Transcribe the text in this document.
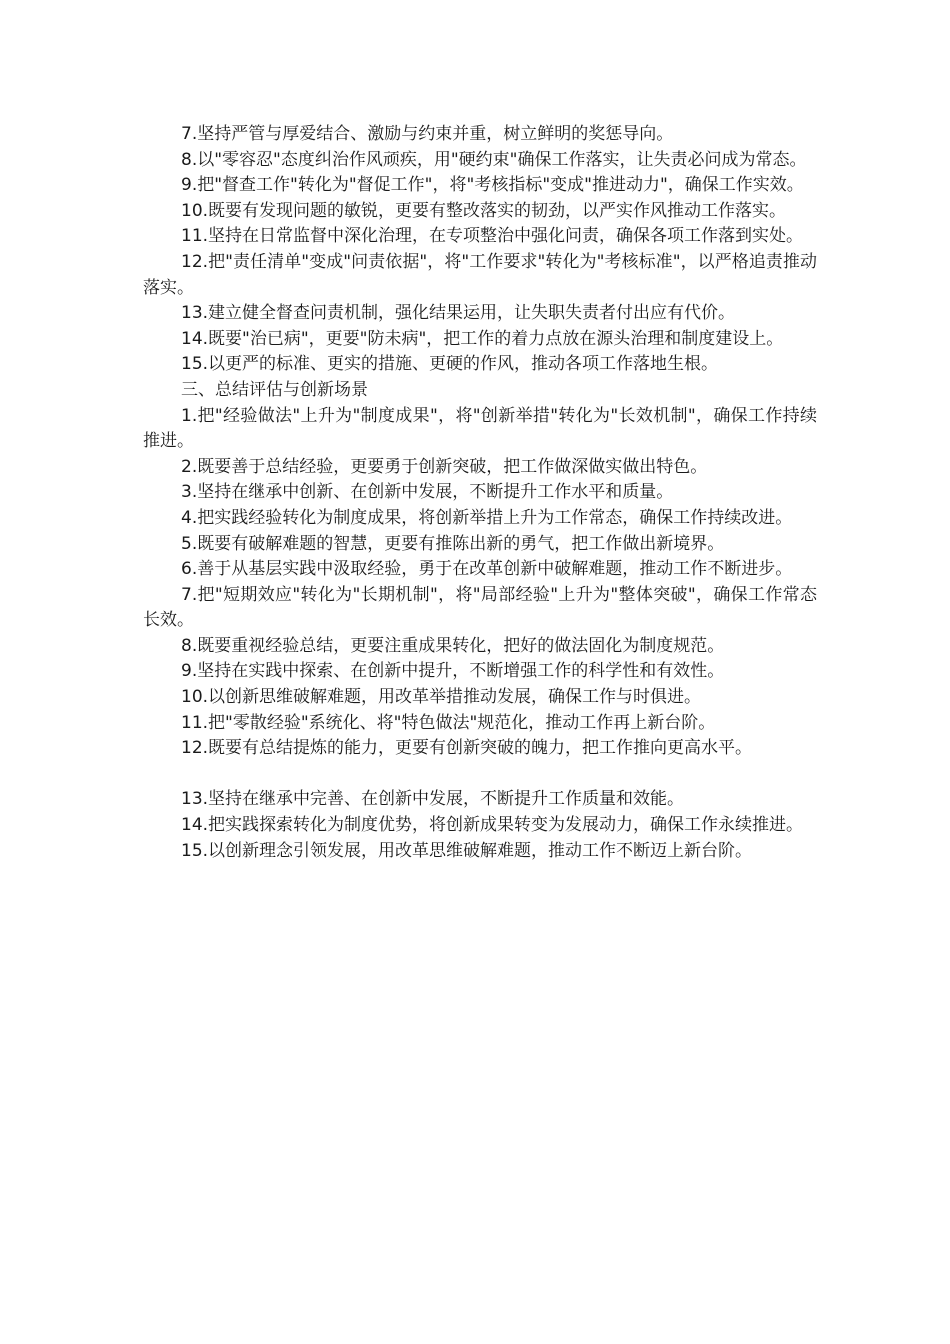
7.坚持严管与厚爱结合、激励与约束并重，树立鲜明的奖惩导向。

8.以"零容忍"态度纠治作风顽疾，用"硬约束"确保工作落实，让失责必问成为常态。

9.把"督查工作"转化为"督促工作"，将"考核指标"变成"推进动力"，确保工作实效。

10.既要有发现问题的敏锐，更要有整改落实的韧劲，以严实作风推动工作落实。

11.坚持在日常监督中深化治理，在专项整治中强化问责，确保各项工作落到实处。

12.把"责任清单"变成"问责依据"，将"工作要求"转化为"考核标准"，以严格追责推动落实。

13.建立健全督查问责机制，强化结果运用，让失职失责者付出应有代价。

14.既要"治已病"，更要"防未病"，把工作的着力点放在源头治理和制度建设上。

15.以更严的标准、更实的措施、更硬的作风，推动各项工作落地生根。

三、总结评估与创新场景

1.把"经验做法"上升为"制度成果"，将"创新举措"转化为"长效机制"，确保工作持续推进。

2.既要善于总结经验，更要勇于创新突破，把工作做深做实做出特色。

3.坚持在继承中创新、在创新中发展，不断提升工作水平和质量。

4.把实践经验转化为制度成果，将创新举措上升为工作常态，确保工作持续改进。

5.既要有破解难题的智慧，更要有推陈出新的勇气，把工作做出新境界。

6.善于从基层实践中汲取经验，勇于在改革创新中破解难题，推动工作不断进步。

7.把"短期效应"转化为"长期机制"，将"局部经验"上升为"整体突破"，确保工作常态长效。

8.既要重视经验总结，更要注重成果转化，把好的做法固化为制度规范。

9.坚持在实践中探索、在创新中提升，不断增强工作的科学性和有效性。

10.以创新思维破解难题，用改革举措推动发展，确保工作与时俱进。

11.把"零散经验"系统化、将"特色做法"规范化，推动工作再上新台阶。

12.既要有总结提炼的能力，更要有创新突破的魄力，把工作推向更高水平。

13.坚持在继承中完善、在创新中发展，不断提升工作质量和效能。

14.把实践探索转化为制度优势，将创新成果转变为发展动力，确保工作永续推进。

15.以创新理念引领发展，用改革思维破解难题，推动工作不断迈上新台阶。
